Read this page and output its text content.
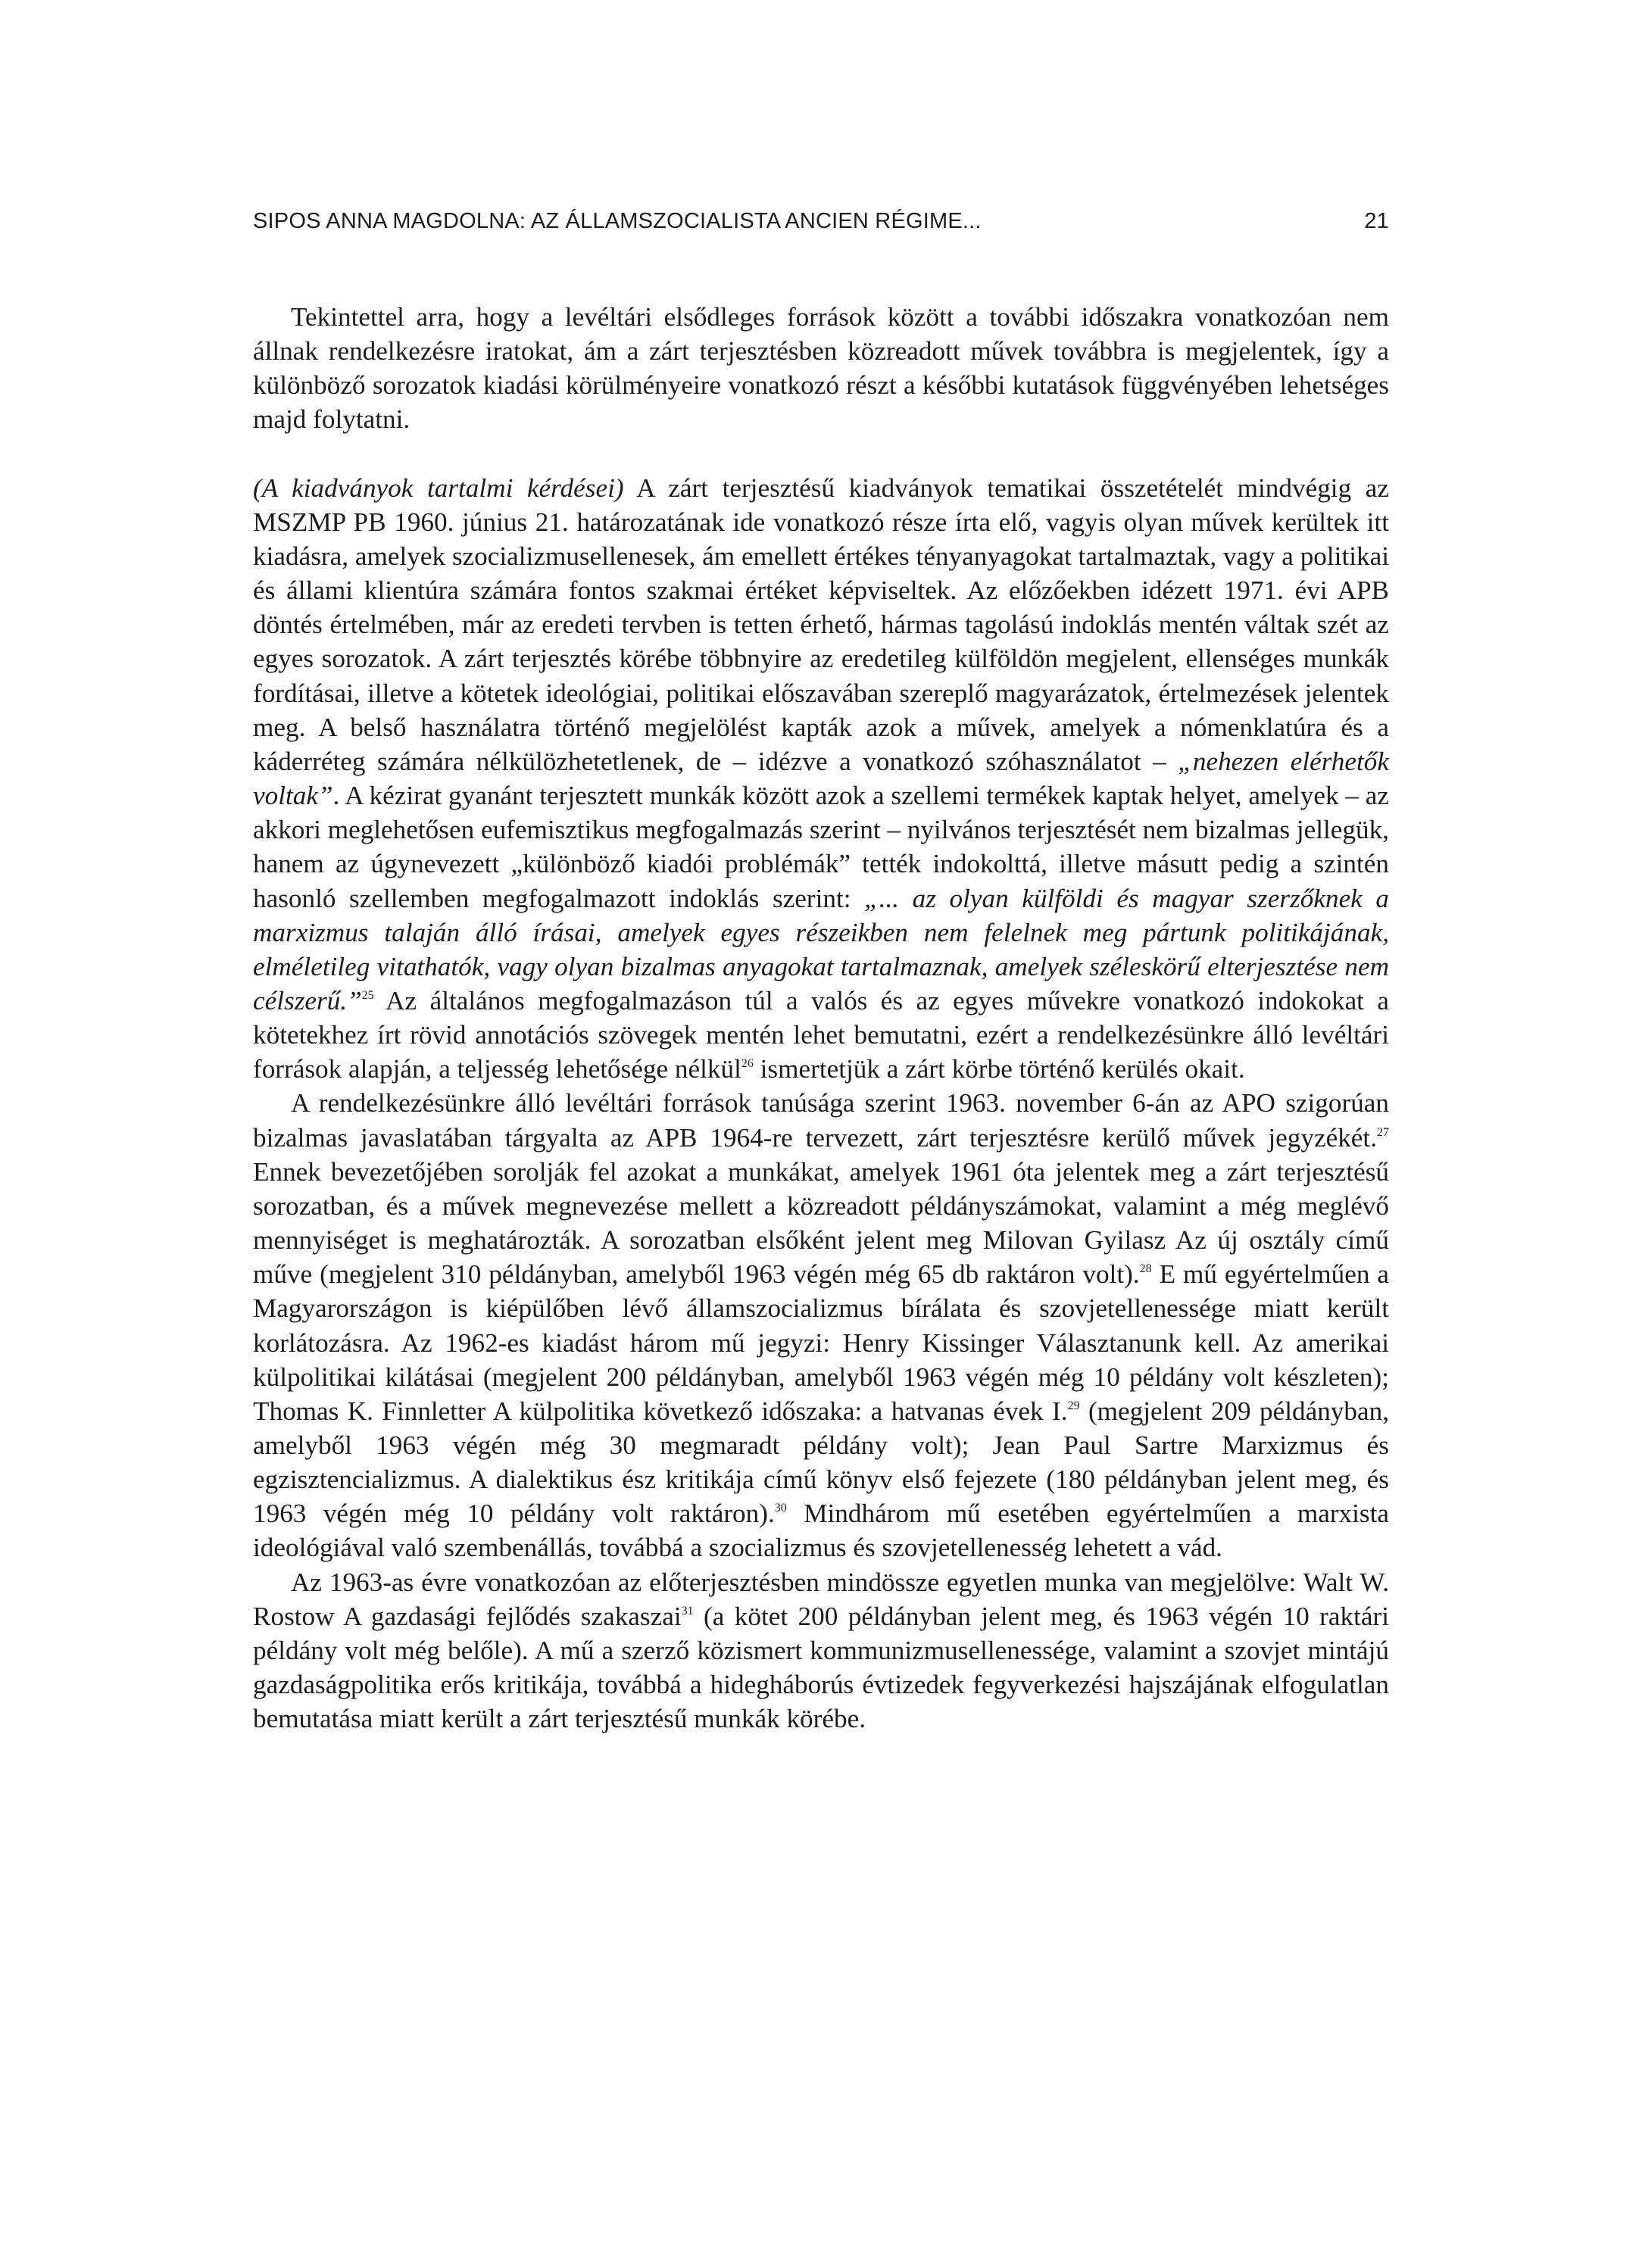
SIPOS ANNA MAGDOLNA: AZ ÁLLAMSZOCIALISTA ANCIEN RÉGIME...	21

Tekintettel arra, hogy a levéltári elsődleges források között a további időszakra vonatkozóan nem állnak rendelkezésre iratokat, ám a zárt terjesztésben közreadott művek továbbra is megjelentek, így a különböző sorozatok kiadási körülményeire vonatkozó részt a későbbi kutatások függvényében lehetséges majd folytatni.

(A kiadványok tartalmi kérdései) A zárt terjesztésű kiadványok tematikai összetételét mindvégig az MSZMP PB 1960. június 21. határozatának ide vonatkozó része írta elő, vagyis olyan művek kerültek itt kiadásra, amelyek szocializmusellenesek, ám emellett értékes tényanyagokat tartalmaztak, vagy a politikai és állami klientúra számára fontos szakmai értéket képviseltek. Az előzőekben idézett 1971. évi APB döntés értelmében, már az eredeti tervben is tetten érhető, hármas tagolású indoklás mentén váltak szét az egyes sorozatok. A zárt terjesztés körébe többnyire az eredetileg külföldön megjelent, ellenséges munkák fordításai, illetve a kötetek ideológiai, politikai előszavában szereplő magyarázatok, értelmezések jelentek meg. A belső használatra történő megjelölést kapták azok a művek, amelyek a nómenklatúra és a káderréteg számára nélkülözhetetlenek, de – idézve a vonatkozó szóhasználatot – „nehezen elérhetők voltak”. A kézirat gyanánt terjesztett munkák között azok a szellemi termékek kaptak helyet, amelyek – az akkori meglehetősen eufemisztikus megfogalmazás szerint – nyilvános terjesztését nem bizalmas jellegük, hanem az úgynevezett „különböző kiadói problémák” tették indokolttá, illetve másutt pedig a szintén hasonló szellemben megfogalmazott indoklás szerint: „... az olyan külföldi és magyar szerzőknek a marxizmus talaján álló írásai, amelyek egyes részeikben nem felelnek meg pártunk politikájának, elméletileg vitathatók, vagy olyan bizalmas anyagokat tartalmaznak, amelyek széleskörű elterjesztése nem célszerű.”$^{25}$ Az általános megfogalmazáson túl a valós és az egyes művekre vonatkozó indokokat a kötetekhez írt rövid annotációs szövegek mentén lehet bemutatni, ezért a rendelkezésünkre álló levéltári források alapján, a teljesség lehetősége nélkül$^{26}$ ismertetjük a zárt körbe történő kerülés okait.

A rendelkezésünkre álló levéltári források tanúsága szerint 1963. november 6-án az APO szigorúan bizalmas javaslatában tárgyalta az APB 1964-re tervezett, zárt terjesztésre kerülő művek jegyzékét.$^{27}$ Ennek bevezetőjében sorolják fel azokat a munkákat, amelyek 1961 óta jelentek meg a zárt terjesztésű sorozatban, és a művek megnevezése mellett a közreadott példányszámokat, valamint a még meglévő mennyiséget is meghatározták. A sorozatban elsőként jelent meg Milovan Gyilasz Az új osztály című műve (megjelent 310 példányban, amelyből 1963 végén még 65 db raktáron volt).$^{28}$ E mű egyértelműen a Magyarországon is kiépülőben lévő államszocializmus bírálata és szovjetellenessége miatt került korlátozásra. Az 1962-es kiadást három mű jegyzi: Henry Kissinger Választanunk kell. Az amerikai külpolitikai kilátásai (megjelent 200 példányban, amelyből 1963 végén még 10 példány volt készleten); Thomas K. Finnletter A külpolitika következő időszaka: a hatvanas évek I.$^{29}$ (megjelent 209 példányban, amelyből 1963 végén még 30 megmaradt példány volt); Jean Paul Sartre Marxizmus és egzisztencializmus. A dialektikus ész kritikája című könyv első fejezete (180 példányban jelent meg, és 1963 végén még 10 példány volt raktáron).$^{30}$ Mindhárom mű esetében egyértelműen a marxista ideológiával való szembenállás, továbbá a szocializmus és szovjetellenesség lehetett a vád.

Az 1963-as évre vonatkozóan az előterjesztésben mindössze egyetlen munka van megjelölve: Walt W. Rostow A gazdasági fejlődés szakaszai$^{31}$ (a kötet 200 példányban jelent meg, és 1963 végén 10 raktári példány volt még belőle). A mű a szerző közismert kommunizmusellenessége, valamint a szovjet mintájú gazdaságpolitika erős kritikája, továbbá a hidegháborús évtizedek fegyverkezési hajszájának elfogulatlan bemutatása miatt került a zárt terjesztésű munkák körébe.
